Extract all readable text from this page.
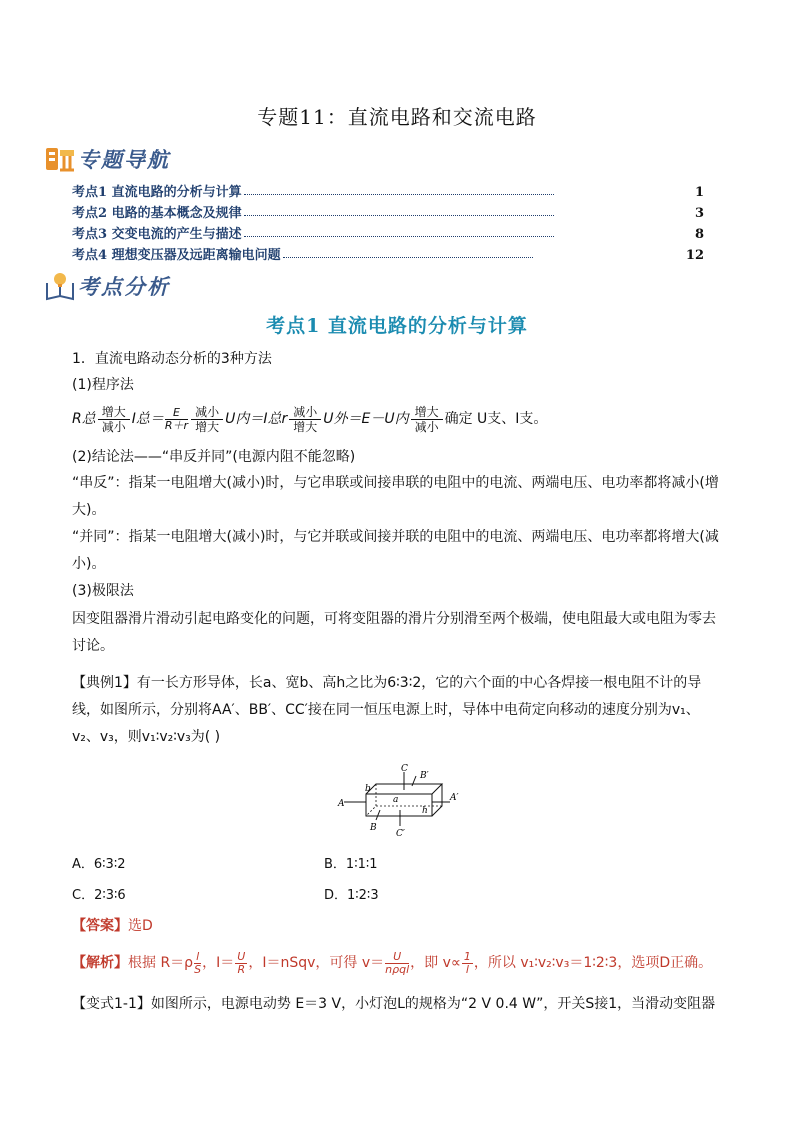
专题11：直流电路和交流电路
专题导航
考点1 直流电路的分析与计算	1
考点2 电路的基本概念及规律	3
考点3 交变电流的产生与描述	8
考点4 理想变压器及远距离输电问题	12
考点分析
考点1 直流电路的分析与计算
1．直流电路动态分析的3种方法
(1)程序法
R总 增大
减小 I总＝ $\frac{E}{R+r}$ 减小
增大 U内＝I总r 减小
增大 U外＝E－U内 增大
减小 确定 U支、I支。
(2)结论法——“串反并同”(电源内阻不能忽略)
“串反”：指某一电阻增大(减小)时，与它串联或间接串联的电阻中的电流、两端电压、电功率都将减小(增大)。
“并同”：指某一电阻增大(减小)时，与它并联或间接并联的电阻中的电流、两端电压、电功率都将增大(减小)。
(3)极限法
因变阻器滑片滑动引起电路变化的问题，可将变阻器的滑片分别滑至两个极端，使电阻最大或电阻为零去讨论。
【典例1】有一长方形导体，长a、宽b、高h之比为6∶3∶2，它的六个面的中心各焊接一根电阻不计的导线，如图所示，分别将AA′、BB′、CC′接在同一恒压电源上时，导体中电荷定向移动的速度分别为v₁、v₂、v₃，则v₁∶v₂∶v₃为( )
A
A′
B
B′
C
C′
a
b
h
A．6∶3∶2	B．1∶1∶1
C．2∶3∶6	D．1∶2∶3
【答案】选D
【解析】 根据 $R=\rho \frac{l}{S}$ ，$I= \frac{U}{R}$ ，I＝nSqv，可得 $v= \frac{U}{\text{nρql}}$ ，即 $v\propto \frac{1}{l}$ ，所以 v₁∶v₂∶v₃＝1∶2∶3，选项D正确。
【变式1-1】如图所示，电源电动势 E＝3 V，小灯泡L的规格为“2 V 0.4 W”，开关S接1，当滑动变阻器
